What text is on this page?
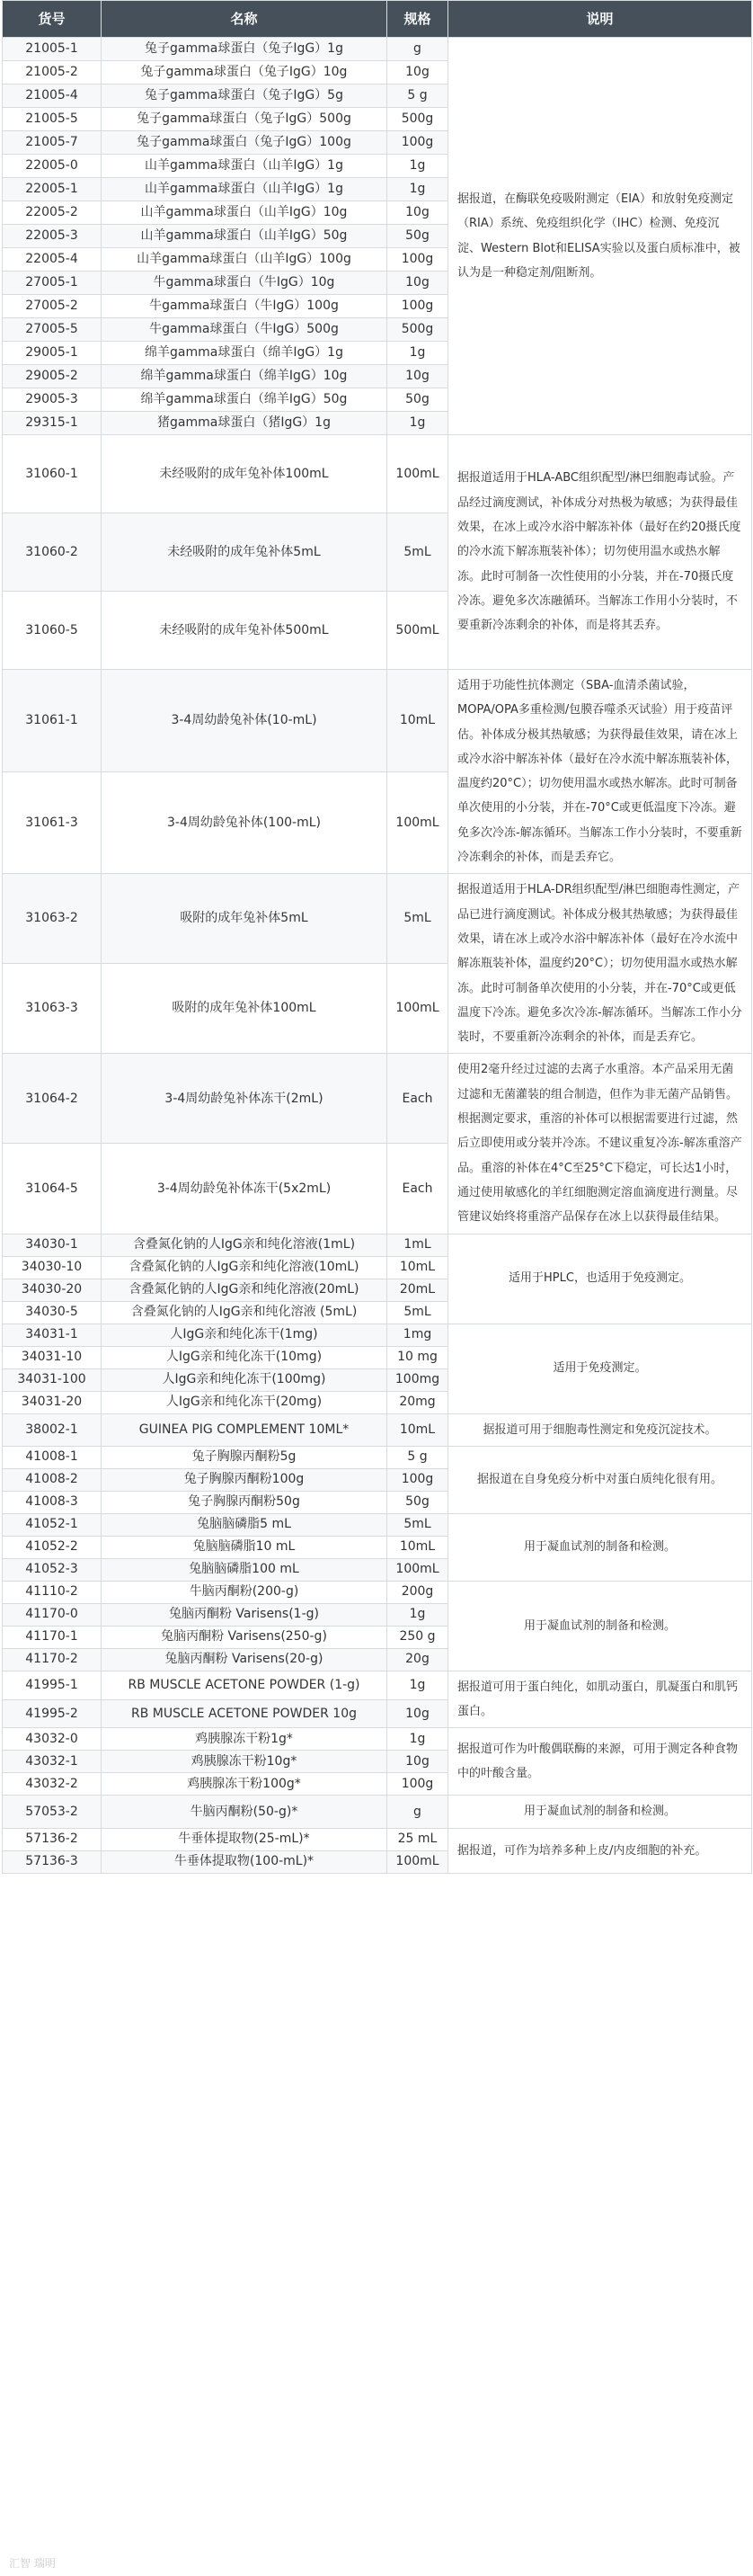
货号	名称	规格	说明
21005-1	兔子gamma球蛋白（兔子IgG）1g	g	据报道，在酶联免疫吸附测定（EIA）和放射免疫测定（RIA）系统、免疫组织化学（IHC）检测、免疫沉淀、Western Blot和ELISA实验以及蛋白质标准中，被认为是一种稳定剂/阻断剂。
21005-2	兔子gamma球蛋白（兔子IgG）10g	10g	
21005-4	兔子gamma球蛋白（兔子IgG）5g	5 g	
21005-5	兔子gamma球蛋白（兔子IgG）500g	500g	
21005-7	兔子gamma球蛋白（兔子IgG）100g	100g	
22005-0	山羊gamma球蛋白（山羊IgG）1g	1g	
22005-1	山羊gamma球蛋白（山羊IgG）1g	1g	
22005-2	山羊gamma球蛋白（山羊IgG）10g	10g	
22005-3	山羊gamma球蛋白（山羊IgG）50g	50g	
22005-4	山羊gamma球蛋白（山羊IgG）100g	100g	
27005-1	牛gamma球蛋白（牛IgG）10g	10g	
27005-2	牛gamma球蛋白（牛IgG）100g	100g	
27005-5	牛gamma球蛋白（牛IgG）500g	500g	
29005-1	绵羊gamma球蛋白（绵羊IgG）1g	1g	
29005-2	绵羊gamma球蛋白（绵羊IgG）10g	10g	
29005-3	绵羊gamma球蛋白（绵羊IgG）50g	50g	
29315-1	猪gamma球蛋白（猪IgG）1g	1g	
31060-1	未经吸附的成年兔补体100mL	100mL	据报道适用于HLA-ABC组织配型/淋巴细胞毒试验。产品经过滴度测试，补体成分对热极为敏感；为获得最佳效果，在冰上或冷水浴中解冻补体（最好在约20摄氏度的冷水流下解冻瓶装补体）；切勿使用温水或热水解冻。此时可制备一次性使用的小分装，并在-70摄氏度冷冻。避免多次冻融循环。当解冻工作用小分装时，不要重新冷冻剩余的补体，而是将其丢弃。
31060-2	未经吸附的成年兔补体5mL	5mL	
31060-5	未经吸附的成年兔补体500mL	500mL	
31061-1	3-4周幼龄兔补体(10-mL)	10mL	适用于功能性抗体测定（SBA-血清杀菌试验，MOPA/OPA多重检测/包膜吞噬杀灭试验）用于疫苗评估。补体成分极其热敏感；为获得最佳效果，请在冰上或冷水浴中解冻补体（最好在冷水流中解冻瓶装补体，温度约20°C）；切勿使用温水或热水解冻。此时可制备单次使用的小分装，并在-70°C或更低温度下冷冻。避免多次冷冻-解冻循环。当解冻工作小分装时，不要重新冷冻剩余的补体，而是丢弃它。
31061-3	3-4周幼龄兔补体(100-mL)	100mL	
31063-2	吸附的成年兔补体5mL	5mL	据报道适用于HLA-DR组织配型/淋巴细胞毒性测定，产品已进行滴度测试。补体成分极其热敏感；为获得最佳效果，请在冰上或冷水浴中解冻补体（最好在冷水流中解冻瓶装补体，温度约20°C）；切勿使用温水或热水解冻。此时可制备单次使用的小分装，并在-70°C或更低温度下冷冻。避免多次冷冻-解冻循环。当解冻工作小分装时，不要重新冷冻剩余的补体，而是丢弃它。
31063-3	吸附的成年兔补体100mL	100mL	
31064-2	3-4周幼龄兔补体冻干(2mL)	Each	使用2毫升经过过滤的去离子水重溶。本产品采用无菌过滤和无菌灌装的组合制造，但作为非无菌产品销售。根据测定要求，重溶的补体可以根据需要进行过滤，然后立即使用或分装并冷冻。不建议重复冷冻-解冻重溶产品。重溶的补体在4°C至25°C下稳定，可长达1小时，通过使用敏感化的羊红细胞测定溶血滴度进行测量。尽管建议始终将重溶产品保存在冰上以获得最佳结果。
31064-5	3-4周幼龄兔补体冻干(5x2mL)	Each	
34030-1	含叠氮化钠的人IgG亲和纯化溶液(1mL)	1mL	适用于HPLC，也适用于免疫测定。
34030-10	含叠氮化钠的人IgG亲和纯化溶液(10mL)	10mL	
34030-20	含叠氮化钠的人IgG亲和纯化溶液(20mL)	20mL	
34030-5	含叠氮化钠的人IgG亲和纯化溶液 (5mL)	5mL	
34031-1	人IgG亲和纯化冻干(1mg)	1mg	适用于免疫测定。
34031-10	人IgG亲和纯化冻干(10mg)	10 mg	
34031-100	人IgG亲和纯化冻干(100mg)	100mg	
34031-20	人IgG亲和纯化冻干(20mg)	20mg	
38002-1	GUINEA PIG COMPLEMENT 10ML*	10mL	据报道可用于细胞毒性测定和免疫沉淀技术。
41008-1	兔子胸腺丙酮粉5g	5 g	据报道在自身免疫分析中对蛋白质纯化很有用。
41008-2	兔子胸腺丙酮粉100g	100g	
41008-3	兔子胸腺丙酮粉50g	50g	
41052-1	兔脑脑磷脂5 mL	5mL	用于凝血试剂的制备和检测。
41052-2	兔脑脑磷脂10 mL	10mL	
41052-3	兔脑脑磷脂100 mL	100mL	
41110-2	牛脑丙酮粉(200-g)	200g	用于凝血试剂的制备和检测。
41170-0	兔脑丙酮粉 Varisens(1-g)	1g	
41170-1	兔脑丙酮粉 Varisens(250-g)	250 g	
41170-2	兔脑丙酮粉 Varisens(20-g)	20g	
41995-1	RB MUSCLE ACETONE POWDER (1-g)	1g	据报道可用于蛋白纯化，如肌动蛋白，肌凝蛋白和肌钙蛋白。
41995-2	RB MUSCLE ACETONE POWDER 10g	10g	
43032-0	鸡胰腺冻干粉1g*	1g	据报道可作为叶酸偶联酶的来源，可用于测定各种食物中的叶酸含量。
43032-1	鸡胰腺冻干粉10g*	10g	
43032-2	鸡胰腺冻干粉100g*	100g	
57053-2	牛脑丙酮粉(50-g)*	g	用于凝血试剂的制备和检测。
57136-2	牛垂体提取物(25-mL)*	25 mL	据报道，可作为培养多种上皮/内皮细胞的补充。
57136-3	牛垂体提取物(100-mL)*	100mL	
汇智 瑞明
